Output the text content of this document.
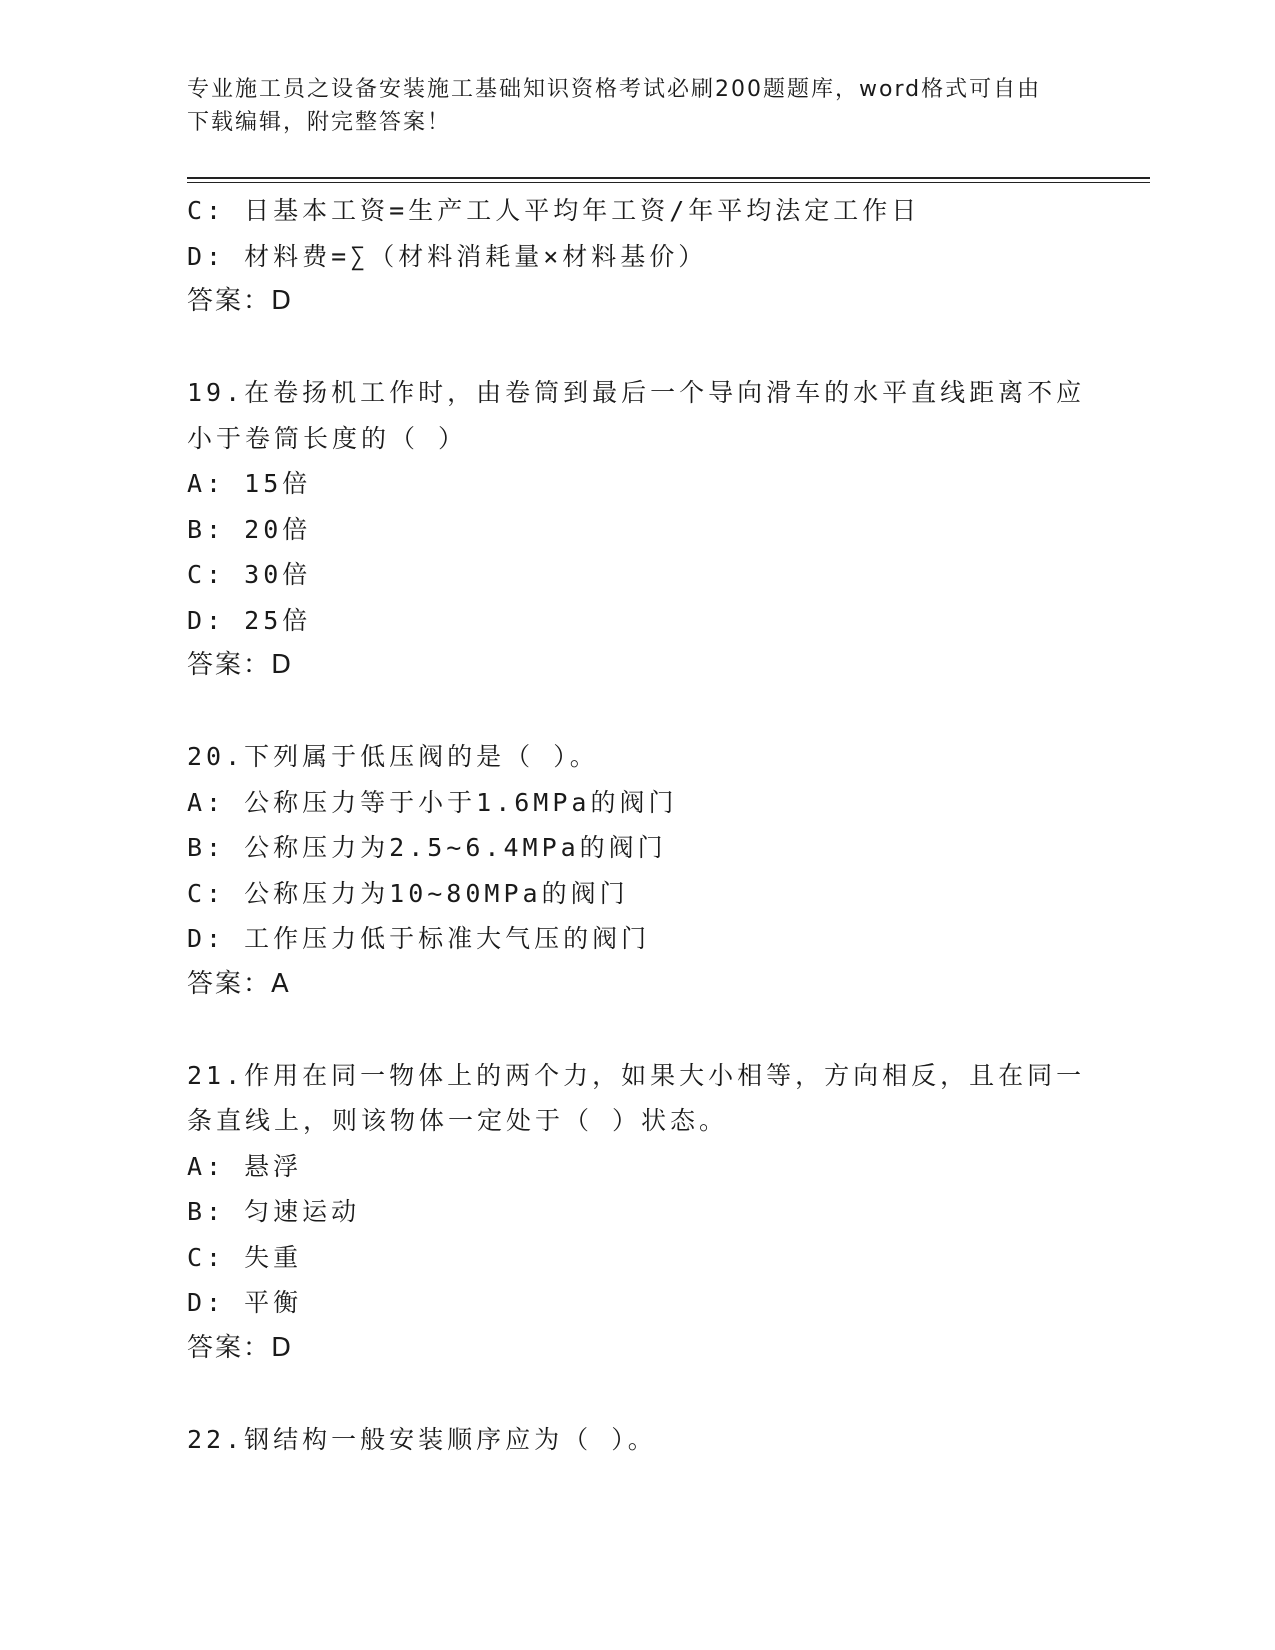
专业施工员之设备安装施工基础知识资格考试必刷200题题库，word格式可自由
下载编辑，附完整答案！
C: 日基本工资=生产工人平均年工资/年平均法定工作日
D: 材料费=∑（材料消耗量×材料基价）
答案：D
19.在卷扬机工作时，由卷筒到最后一个导向滑车的水平直线距离不应
小于卷筒长度的（ ）
A: 15倍
B: 20倍
C: 30倍
D: 25倍
答案：D
20.下列属于低压阀的是（ ）。
A: 公称压力等于小于1.6MPa的阀门
B: 公称压力为2.5~6.4MPa的阀门
C: 公称压力为10~80MPa的阀门
D: 工作压力低于标准大气压的阀门
答案：A
21.作用在同一物体上的两个力，如果大小相等，方向相反，且在同一
条直线上，则该物体一定处于（ ）状态。
A: 悬浮
B: 匀速运动
C: 失重
D: 平衡
答案：D
22.钢结构一般安装顺序应为（ ）。
